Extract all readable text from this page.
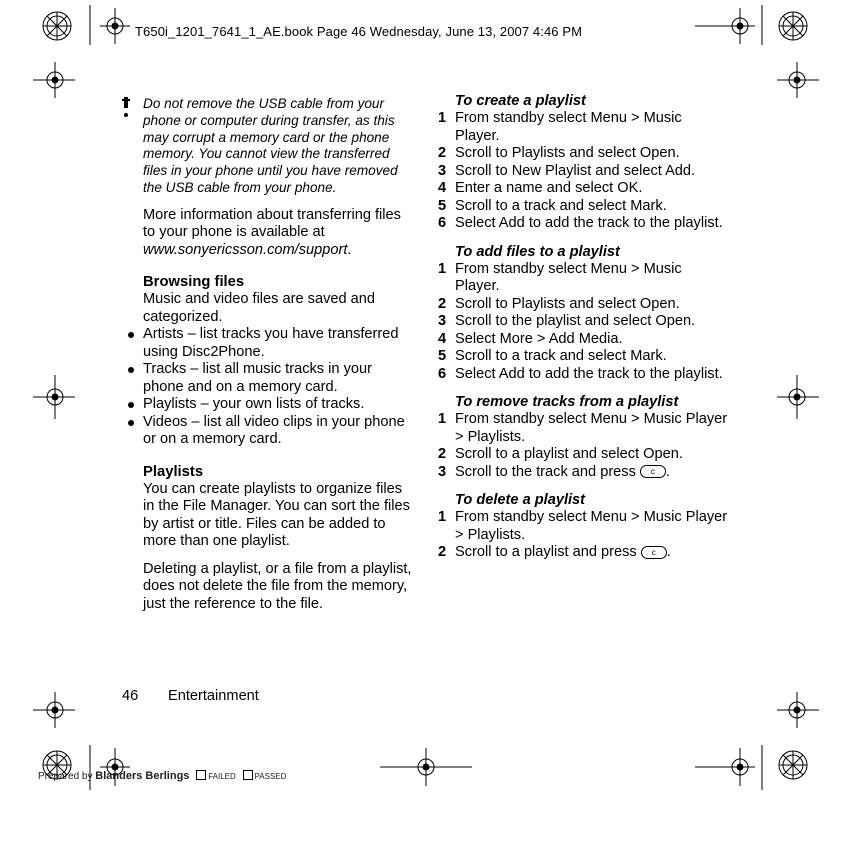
T650i_1201_7641_1_AE.book Page 46 Wednesday, June 13, 2007 4:46 PM

Do not remove the USB cable from your phone or computer during transfer, as this may corrupt a memory card or the phone memory. You cannot view the transferred files in your phone until you have removed the USB cable from your phone.

More information about transferring files to your phone is available at www.sonyericsson.com/support.

Browsing files

Music and video files are saved and categorized.

Artists – list tracks you have transferred using Disc2Phone.
Tracks – list all music tracks in your phone and on a memory card.
Playlists – your own lists of tracks.
Videos – list all video clips in your phone or on a memory card.
Playlists

You can create playlists to organize files in the File Manager. You can sort the files by artist or title. Files can be added to more than one playlist.

Deleting a playlist, or a file from a playlist, does not delete the file from the memory, just the reference to the file.

To create a playlist
1 From standby select Menu > Music Player.
2 Scroll to Playlists and select Open.
3 Scroll to New Playlist and select Add.
4 Enter a name and select OK.
5 Scroll to a track and select Mark.
6 Select Add to add the track to the playlist.
To add files to a playlist
1 From standby select Menu > Music Player.
2 Scroll to Playlists and select Open.
3 Scroll to the playlist and select Open.
4 Select More > Add Media.
5 Scroll to a track and select Mark.
6 Select Add to add the track to the playlist.
To remove tracks from a playlist
1 From standby select Menu > Music Player > Playlists.
2 Scroll to a playlist and select Open.
3 Scroll to the track and press c .
To delete a playlist
1 From standby select Menu > Music Player > Playlists.
2 Scroll to a playlist and press c .
46 Entertainment
Prepared by Blanders Berlings FAILED PASSED
